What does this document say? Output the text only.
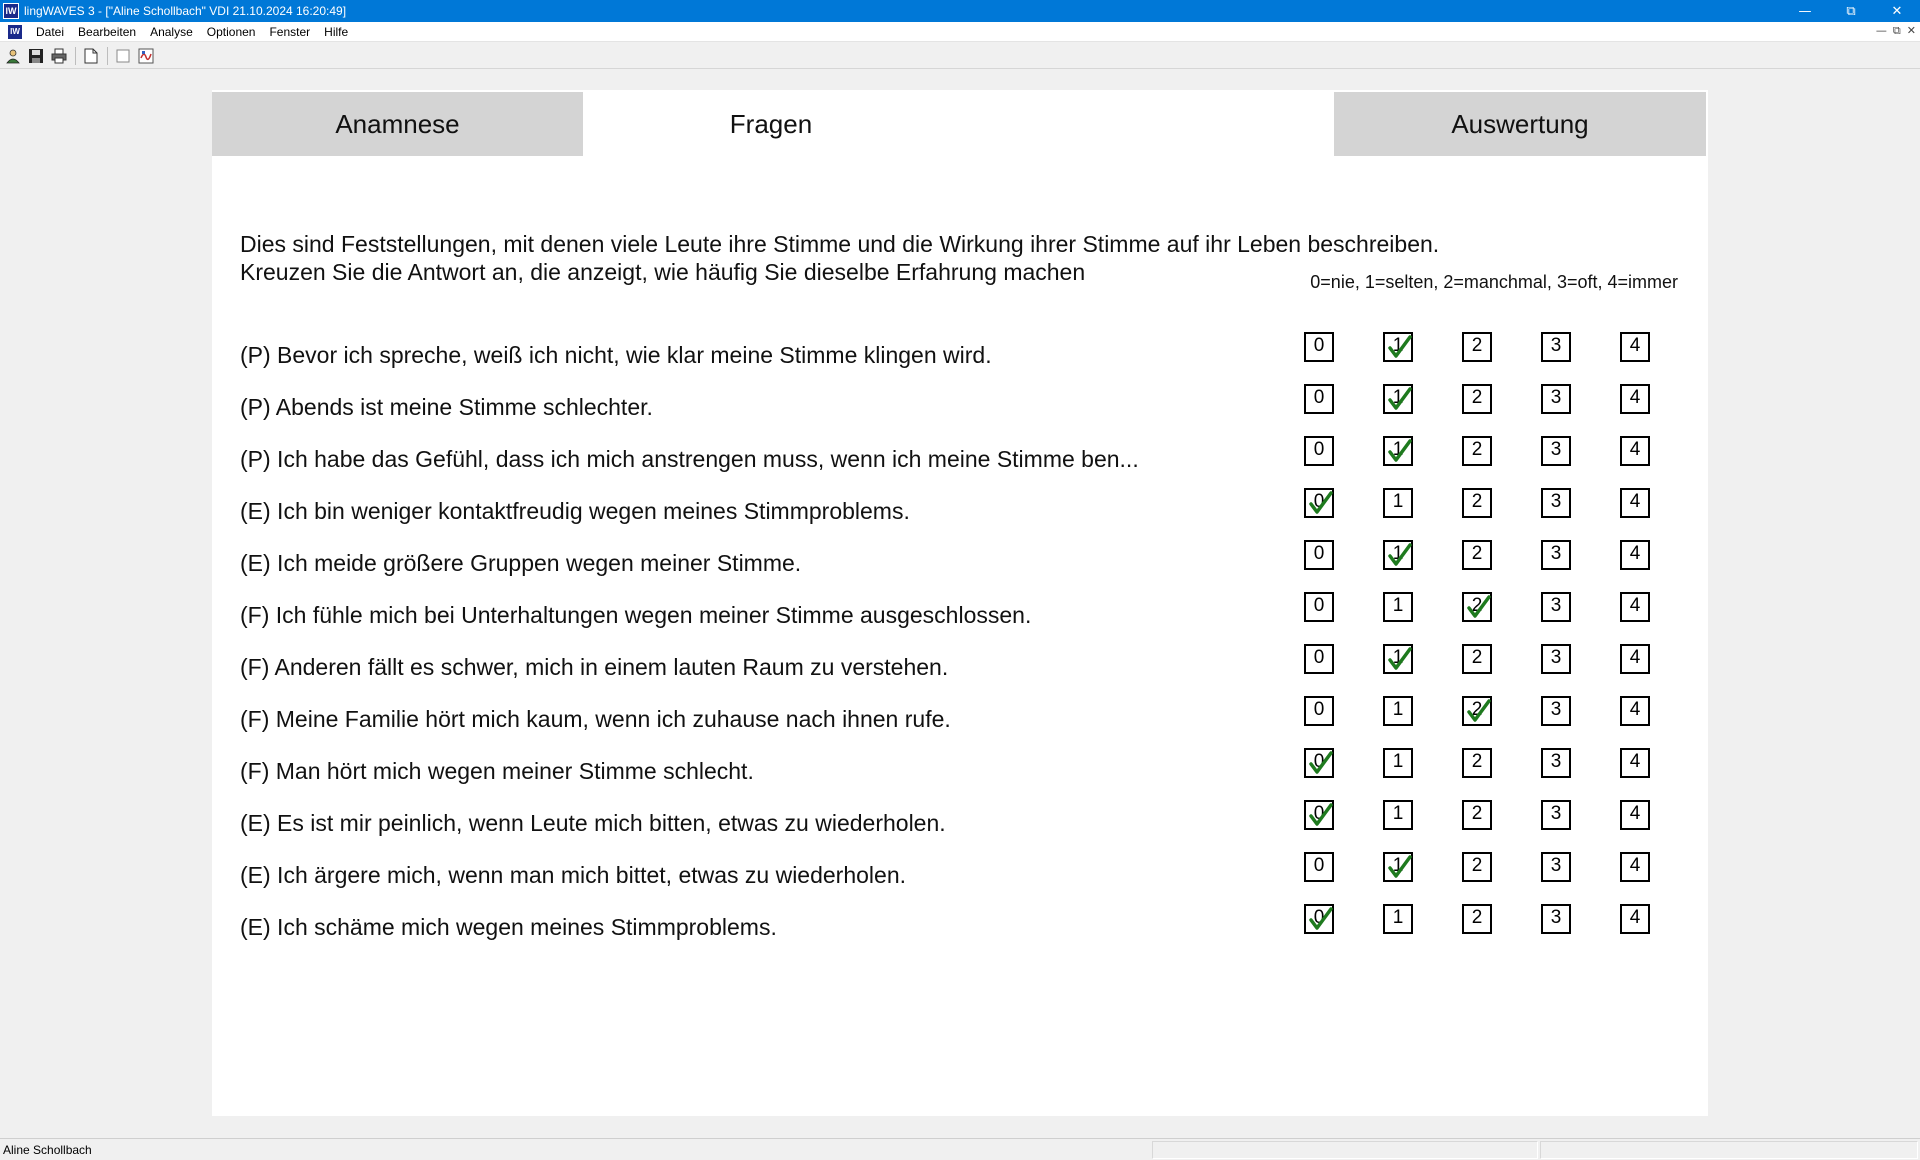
lW lingWAVES 3 - ["Aline Schollbach" VDI 21.10.2024 16:20:49]	—	⧉	✕
lW	Datei	Bearbeiten	Analyse	Optionen	Fenster	Hilfe	— ⧉ ✕
Anamnese	Fragen	Auswertung
Dies sind Feststellungen, mit denen viele Leute ihre Stimme und die Wirkung ihrer Stimme auf ihr Leben beschreiben.
Kreuzen Sie die Antwort an, die anzeigt, wie häufig Sie dieselbe Erfahrung machen	0=nie, 1=selten, 2=manchmal, 3=oft, 4=immer
(P) Bevor ich spreche, weiß ich nicht, wie klar meine Stimme klingen wird.	0	1	2	3	4
(P) Abends ist meine Stimme schlechter.	0	1	2	3	4
(P) Ich habe das Gefühl, dass ich mich anstrengen muss, wenn ich meine Stimme ben...	0	1	2	3	4
(E) Ich bin weniger kontaktfreudig wegen meines Stimmproblems.	0	1	2	3	4
(E) Ich meide größere Gruppen wegen meiner Stimme.	0	1	2	3	4
(F) Ich fühle mich bei Unterhaltungen wegen meiner Stimme ausgeschlossen.	0	1	2	3	4
(F) Anderen fällt es schwer, mich in einem lauten Raum zu verstehen.	0	1	2	3	4
(F) Meine Familie hört mich kaum, wenn ich zuhause nach ihnen rufe.	0	1	2	3	4
(F) Man hört mich wegen meiner Stimme schlecht.	0	1	2	3	4
(E) Es ist mir peinlich, wenn Leute mich bitten, etwas zu wiederholen.	0	1	2	3	4
(E) Ich ärgere mich, wenn man mich bittet, etwas zu wiederholen.	0	1	2	3	4
(E) Ich schäme mich wegen meines Stimmproblems.	0	1	2	3	4
Aline Schollbach
